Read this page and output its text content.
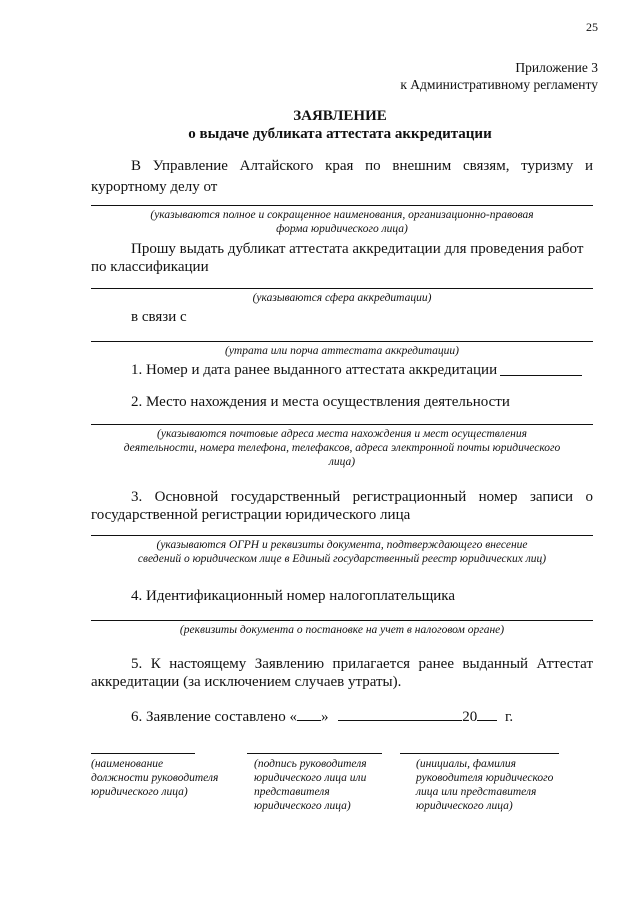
25
Приложение 3
к Административному регламенту
ЗАЯВЛЕНИЕ
о выдаче дубликата аттестата аккредитации
В Управление Алтайского края по внешним связям, туризму и
курортному делу от
(указываются полное и сокращенное наименования, организационно-правовая
форма юридического лица)
Прошу выдать дубликат аттестата аккредитации для проведения работ
по классификации
(указываются сфера аккредитации)
в связи с
(утрата или порча аттестата аккредитации)
1. Номер и дата ранее выданного аттестата аккредитации
2. Место нахождения и места осуществления деятельности
(указываются почтовые адреса места нахождения и мест осуществления
деятельности, номера телефона, телефаксов, адреса электронной почты юридического
лица)
3. Основной государственный регистрационный номер записи о
государственной регистрации юридического лица
(указываются ОГРН и реквизиты документа, подтверждающего внесение
сведений о юридическом лице в Единый государственный реестр юридических лиц)
4. Идентификационный номер налогоплательщика
(реквизиты документа о постановке на учет в налоговом органе)
5. К настоящему Заявлению прилагается ранее выданный Аттестат
аккредитации (за исключением случаев утраты).
6. Заявление составлено « »	20 г.
(наименование
должности руководителя
юридического лица)
(подпись руководителя
юридического лица или
представителя
юридического лица)
(инициалы, фамилия
руководителя юридического
лица или представителя
юридического лица)
